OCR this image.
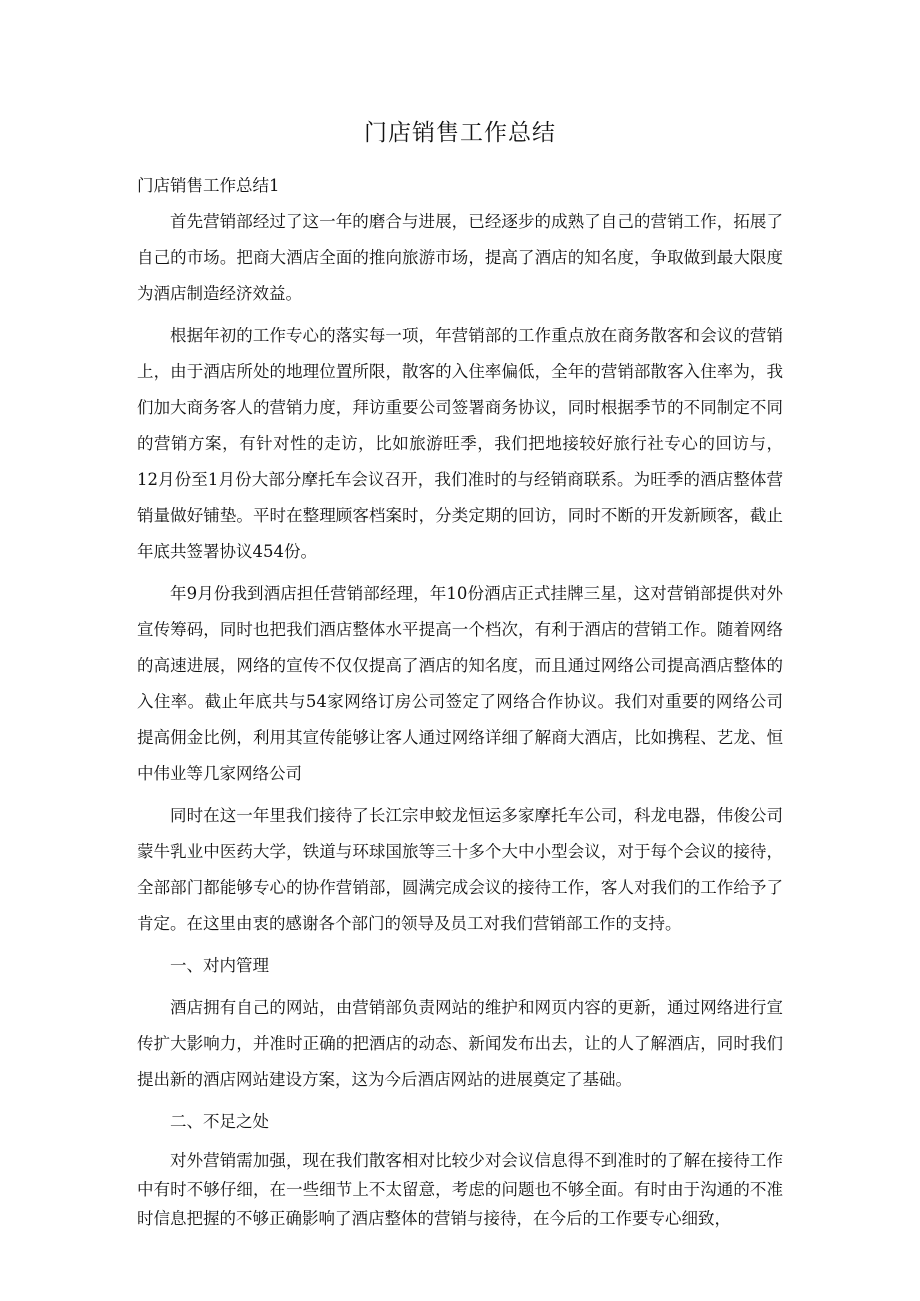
门店销售工作总结

门店销售工作总结1

首先营销部经过了这一年的磨合与进展，已经逐步的成熟了自己的营销工作，拓展了自己的市场。把商大酒店全面的推向旅游市场，提高了酒店的知名度，争取做到最大限度为酒店制造经济效益。

根据年初的工作专心的落实每一项，年营销部的工作重点放在商务散客和会议的营销上，由于酒店所处的地理位置所限，散客的入住率偏低，全年的营销部散客入住率为，我们加大商务客人的营销力度，拜访重要公司签署商务协议，同时根据季节的不同制定不同的营销方案，有针对性的走访，比如旅游旺季，我们把地接较好旅行社专心的回访与，12月份至1月份大部分摩托车会议召开，我们准时的与经销商联系。为旺季的酒店整体营销量做好铺垫。平时在整理顾客档案时，分类定期的回访，同时不断的开发新顾客，截止年底共签署协议454份。

年9月份我到酒店担任营销部经理，年10份酒店正式挂牌三星，这对营销部提供对外宣传筹码，同时也把我们酒店整体水平提高一个档次，有利于酒店的营销工作。随着网络的高速进展，网络的宣传不仅仅提高了酒店的知名度，而且通过网络公司提高酒店整体的入住率。截止年底共与54家网络订房公司签定了网络合作协议。我们对重要的网络公司提高佣金比例，利用其宣传能够让客人通过网络详细了解商大酒店，比如携程、艺龙、恒中伟业等几家网络公司

同时在这一年里我们接待了长江宗申蛟龙恒运多家摩托车公司，科龙电器，伟俊公司蒙牛乳业中医药大学，铁道与环球国旅等三十多个大中小型会议，对于每个会议的接待，全部部门都能够专心的协作营销部，圆满完成会议的接待工作，客人对我们的工作给予了肯定。在这里由衷的感谢各个部门的领导及员工对我们营销部工作的支持。

一、对内管理

酒店拥有自己的网站，由营销部负责网站的维护和网页内容的更新，通过网络进行宣传扩大影响力，并准时正确的把酒店的动态、新闻发布出去，让的人了解酒店，同时我们提出新的酒店网站建设方案，这为今后酒店网站的进展奠定了基础。

二、不足之处

对外营销需加强，现在我们散客相对比较少对会议信息得不到准时的了解在接待工作中有时不够仔细，在一些细节上不太留意，考虑的问题也不够全面。有时由于沟通的不准时信息把握的不够正确影响了酒店整体的营销与接待，在今后的工作要专心细致，
